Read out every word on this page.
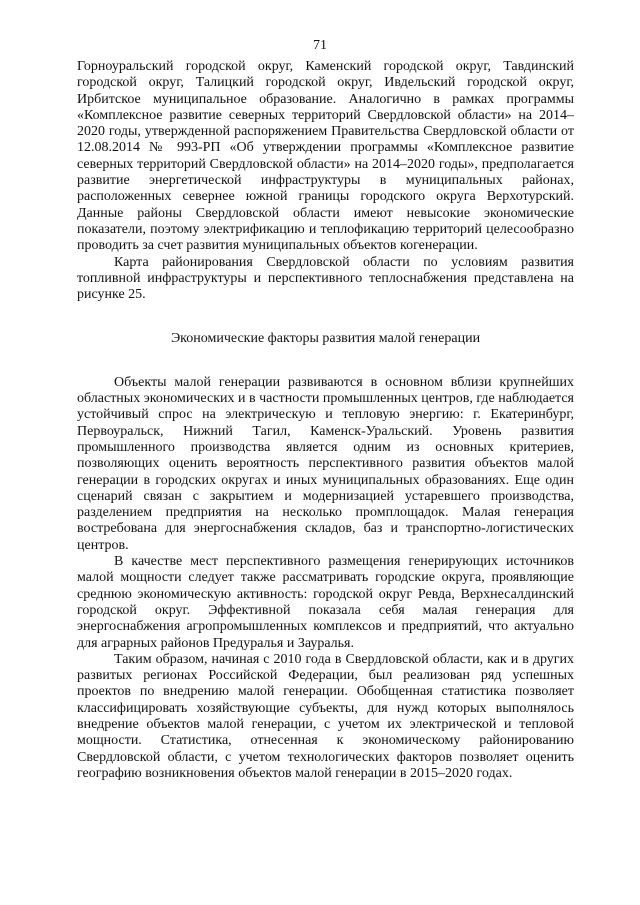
71

Горноуральский городской округ, Каменский городской округ, Тавдинский городской округ, Талицкий городской округ, Ивдельский городской округ, Ирбитское муниципальное образование. Аналогично в рамках программы «Комплексное развитие северных территорий Свердловской области» на 2014–2020 годы, утвержденной распоряжением Правительства Свердловской области от 12.08.2014 № 993-РП «Об утверждении программы «Комплексное развитие северных территорий Свердловской области» на 2014–2020 годы», предполагается развитие энергетической инфраструктуры в муниципальных районах, расположенных севернее южной границы городского округа Верхотурский. Данные районы Свердловской области имеют невысокие экономические показатели, поэтому электрификацию и теплофикацию территорий целесообразно проводить за счет развития муниципальных объектов когенерации.

Карта районирования Свердловской области по условиям развития топливной инфраструктуры и перспективного теплоснабжения представлена на рисунке 25.

Экономические факторы развития малой генерации

Объекты малой генерации развиваются в основном вблизи крупнейших областных экономических и в частности промышленных центров, где наблюдается устойчивый спрос на электрическую и тепловую энергию: г. Екатеринбург, Первоуральск, Нижний Тагил, Каменск-Уральский. Уровень развития промышленного производства является одним из основных критериев, позволяющих оценить вероятность перспективного развития объектов малой генерации в городских округах и иных муниципальных образованиях. Еще один сценарий связан с закрытием и модернизацией устаревшего производства, разделением предприятия на несколько промплощадок. Малая генерация востребована для энергоснабжения складов, баз и транспортно-логистических центров.

В качестве мест перспективного размещения генерирующих источников малой мощности следует также рассматривать городские округа, проявляющие среднюю экономическую активность: городской округ Ревда, Верхнесалдинский городской округ. Эффективной показала себя малая генерация для энергоснабжения агропромышленных комплексов и предприятий, что актуально для аграрных районов Предуралья и Зауралья.

Таким образом, начиная с 2010 года в Свердловской области, как и в других развитых регионах Российской Федерации, был реализован ряд успешных проектов по внедрению малой генерации. Обобщенная статистика позволяет классифицировать хозяйствующие субъекты, для нужд которых выполнялось внедрение объектов малой генерации, с учетом их электрической и тепловой мощности. Статистика, отнесенная к экономическому районированию Свердловской области, с учетом технологических факторов позволяет оценить географию возникновения объектов малой генерации в 2015–2020 годах.
